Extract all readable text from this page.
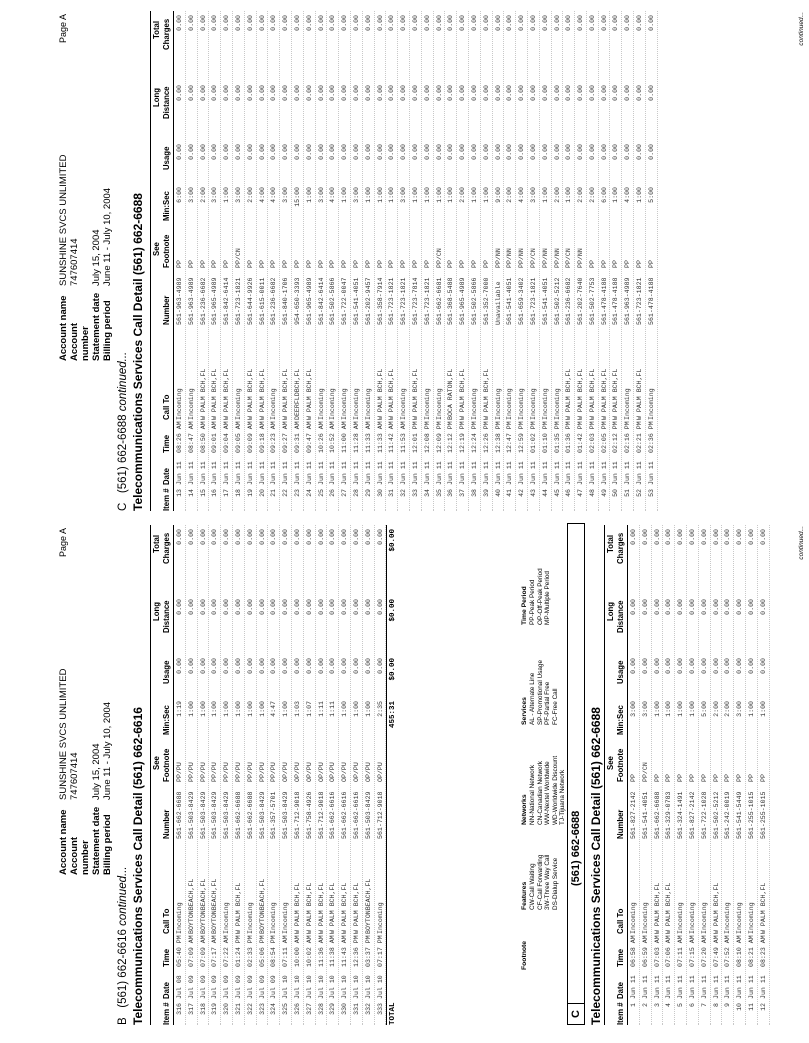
Page A
Account name
SUNSHINE SVCS UNLIMITED
Account number
747607414
Statement date
July 15, 2004
Billing period
June 11 - July 10, 2004
B   (561) 662-6616 continued... Telecommunications Services Call Detail (561) 662-6616 See
Long
Total
Item #
Date
Time
Call To
Number
Footnote
Min:Sec
Usage
Distance
Charges
316
Jul 08
05:40 PM
Incoming
561-662-6688
PP/PU
1:19
0.00
0.00
0.00
317
Jul 09
07:09 AM
BOYTONBEACH,FL
561-503-8429
PP/PU
1:00
0.00
0.00
0.00
318
Jul 09
07:09 AM
BOYTONBEACH,FL
561-503-8429
PP/PU
1:00
0.00
0.00
0.00
319
Jul 09
07:17 AM
BOYTONBEACH,FL
561-503-8429
PP/PU
1:00
0.00
0.00
0.00
320
Jul 09
07:22 AM
Incoming
561-503-8429
PP/PU
1:00
0.00
0.00
0.00
321
Jul 09
01:24 PM
W PALM BCH,FL
561-662-6688
PP/PU
1:00
0.00
0.00
0.00
322
Jul 09
02:33 PM
Incoming
561-662-6688
PP/PU
1:00
0.00
0.00
0.00
323
Jul 09
05:06 PM
BOYTONBEACH,FL
561-503-8429
PP/PU
1:00
0.00
0.00
0.00
324
Jul 09
08:54 PM
Incoming
561-357-5701
PP/PU
4:47
0.00
0.00
0.00
325
Jul 10
07:11 AM
Incoming
561-503-8429
OP/PU
1:00
0.00
0.00
0.00
326
Jul 10
10:00 AM
W PALM BCH,FL
561-712-9018
OP/PU
1:03
0.00
0.00
0.00
327
Jul 10
10:02 AM
W PALM BCH,FL
561-758-4926
OP/PU
1:07
0.00
0.00
0.00
328
Jul 10
11:36 AM
W PALM BCH,FL
561-712-9018
OP/PU
1:11
0.00
0.00
0.00
329
Jul 10
11:38 AM
W PALM BCH,FL
561-662-6616
OP/PU
1:11
0.00
0.00
0.00
330
Jul 10
11:43 AM
W PALM BCH,FL
561-662-6616
OP/PU
1:00
0.00
0.00
0.00
331
Jul 10
12:36 PM
W PALM BCH,FL
561-662-6616
OP/PU
1:00
0.00
0.00
0.00
332
Jul 10
03:37 PM
BOYTONBEACH,FL
561-503-8429
OP/PU
1:00
0.00
0.00
0.00
333
Jul 10
07:17 PM
Incoming
561-712-9018
OP/PU
2:35
0.00
0.00
0.00
TOTAL
455:31
$0.00
$0.00
$0.00
Footnote
Features CW-Call Waiting CF-Call Forwarding 3W-Three Way Call DS-Dialup Service
Networks NN-National Network CN-Canadian Network WW-Nextel Worldwide WD-Worldwide Discount TJ-Tijuana Network
Services AL - Alternate Line SP-Promotional Usage PF-Partial Free FC-Free Call
Time Period PP-Peak Period OP-Off-Peak Period MP-Multiple Period
C
(561) 662-6688 Telecommunications Services Call Detail (561) 662-6688 See
Long
Total
Item #
Date
Time
Call To
Number
Footnote
Min:Sec
Usage
Distance
Charges
1
Jun 11
06:58 AM
Incoming
561-827-2142
PP
3:00
0.00
0.00
0.00
2
Jun 11
06:59 AM
Incoming
561-541-4051
PP/CN
3:00
0.00
0.00
0.00
3
Jun 11
07:03 AM
W PALM BCH,FL
561-662-6688
PP
1:00
0.00
0.00
0.00
4
Jun 11
07:06 AM
W PALM BCH,FL
561-329-0783
PP
1:00
0.00
0.00
0.00
5
Jun 11
07:11 AM
Incoming
561-324-1491
PP
1:00
0.00
0.00
0.00
6
Jun 11
07:15 AM
Incoming
561-827-2142
PP
1:00
0.00
0.00
0.00
7
Jun 11
07:20 AM
Incoming
561-722-1028
PP
5:00
0.00
0.00
0.00
8
Jun 11
07:49 AM
W PALM BCH,FL
561-502-5212
PP
2:00
0.00
0.00
0.00
9
Jun 11
07:52 AM
Incoming
561-242-0019
PP
2:00
0.00
0.00
0.00
10
Jun 11
08:10 AM
Incoming
561-541-5449
PP
3:00
0.00
0.00
0.00
11
Jun 11
08:21 AM
Incoming
561-255-1015
PP
1:00
0.00
0.00
0.00
12
Jun 11
08:23 AM
W PALM BCH,FL
561-255-1015
PP
1:00
0.00
0.00
0.00	continued...
Page A
Account name
SUNSHINE SVCS UNLIMITED
Account number
747607414
Statement date
July 15, 2004
Billing period
June 11 - July 10, 2004
C   (561) 662-6688 continued... Telecommunications Services Call Detail (561) 662-6688 See
Long
Total
Item #
Date
Time
Call To
Number
Footnote
Min:Sec
Usage
Distance
Charges
13
Jun 11
08:26 AM
Incoming
561-963-4989
PP
6:00
0.00
0.00
0.00
14
Jun 11
08:47 AM
Incoming
561-963-4989
PP
3:00
0.00
0.00
0.00
15
Jun 11
08:50 AM
W PALM BCH,FL
561-236-6682
PP
2:00
0.00
0.00
0.00
16
Jun 11
09:01 AM
W PALM BCH,FL
561-965-4989
PP
3:00
0.00
0.00
0.00
17
Jun 11
09:04 AM
W PALM BCH,FL
561-842-6414
PP
1:00
0.00
0.00
0.00
18
Jun 11
09:05 AM
Incoming
561-723-1821
PP/CN
3:00
0.00
0.00
0.00
19
Jun 11
09:09 AM
W PALM BCH,FL
561-644-9926
PP
2:00
0.00
0.00
0.00
20
Jun 11
09:18 AM
W PALM BCH,FL
561-615-0011
PP
4:00
0.00
0.00
0.00
21
Jun 11
09:23 AM
Incoming
561-236-6682
PP
4:00
0.00
0.00
0.00
22
Jun 11
09:27 AM
W PALM BCH,FL
561-840-1706
PP
3:00
0.00
0.00
0.00
23
Jun 11
09:31 AM
DEERFLDBCH,FL
954-650-3393
PP
15:00
0.00
0.00
0.00
24
Jun 11
09:47 AM
W PALM BCH,FL
561-965-4989
PP
1:00
0.00
0.00
0.00
25
Jun 11
10:26 AM
Incoming
561-842-6414
PP
3:00
0.00
0.00
0.00
26
Jun 11
10:52 AM
Incoming
561-502-5866
PP
4:00
0.00
0.00
0.00
27
Jun 11
11:00 AM
Incoming
561-722-0047
PP
1:00
0.00
0.00
0.00
28
Jun 11
11:28 AM
Incoming
561-541-4051
PP
3:00
0.00
0.00
0.00
29
Jun 11
11:33 AM
Incoming
561-202-9457
PP
1:00
0.00
0.00
0.00
30
Jun 11
11:33 AM
W PALM BCH,FL
561-358-7914
PP
1:00
0.00
0.00
0.00
31
Jun 11
11:42 AM
W PALM BCH,FL
561-723-1821
PP
1:00
0.00
0.00
0.00
32
Jun 11
11:53 AM
Incoming
561-723-1821
PP
3:00
0.00
0.00
0.00
33
Jun 11
12:01 PM
W PALM BCH,FL
561-723-7814
PP
1:00
0.00
0.00
0.00
34
Jun 11
12:08 PM
Incoming
561-723-1821
PP
1:00
0.00
0.00
0.00
35
Jun 11
12:09 PM
Incoming
561-662-6681
PP/CN
1:00
0.00
0.00
0.00
36
Jun 11
12:12 PM
BOCA RATON,FL
561-368-5488
PP
1:00
0.00
0.00
0.00
37
Jun 11
12:19 PM
W PALM BCH,FL
561-965-4989
PP
2:00
0.00
0.00
0.00
38
Jun 11
12:24 PM
Incoming
561-502-5866
PP
1:00
0.00
0.00
0.00
39
Jun 11
12:26 PM
W PALM BCH,FL
561-352-7000
PP
1:00
0.00
0.00
0.00
40
Jun 11
12:38 PM
Incoming
Unavailable
PP/NN
9:00
0.00
0.00
0.00
41
Jun 11
12:47 PM
Incoming
561-541-4051
PP/NN
2:00
0.00
0.00
0.00
42
Jun 11
12:59 PM
Incoming
561-659-3402
PP/NN
4:00
0.00
0.00
0.00
43
Jun 11
01:02 PM
Incoming
561-723-1821
PP/CN
3:00
0.00
0.00
0.00
44
Jun 11
01:10 PM
Incoming
561-541-4051
PP/NN
1:00
0.00
0.00
0.00
45
Jun 11
01:35 PM
Incoming
561-502-5212
PP/NN
2:00
0.00
0.00
0.00
46
Jun 11
01:36 PM
W PALM BCH,FL
561-236-6682
PP/CN
1:00
0.00
0.00
0.00
47
Jun 11
01:42 PM
W PALM BCH,FL
561-202-7640
PP/NN
2:00
0.00
0.00
0.00
48
Jun 11
02:03 PM
W PALM BCH,FL
561-502-7753
PP
2:00
0.00
0.00
0.00
49
Jun 11
02:05 PM
W PALM BCH,FL
561-478-4188
PP
6:00
0.00
0.00
0.00
50
Jun 11
02:12 PM
W PALM BCH,FL
561-478-4188
PP
1:00
0.00
0.00
0.00
51
Jun 11
02:16 PM
Incoming
561-963-4989
PP
4:00
0.00
0.00
0.00
52
Jun 11
02:21 PM
W PALM BCH,FL
561-723-1821
PP
1:00
0.00
0.00
0.00
53
Jun 11
02:36 PM
Incoming
561-478-4188
PP
5:00
0.00
0.00
0.00	continued...
